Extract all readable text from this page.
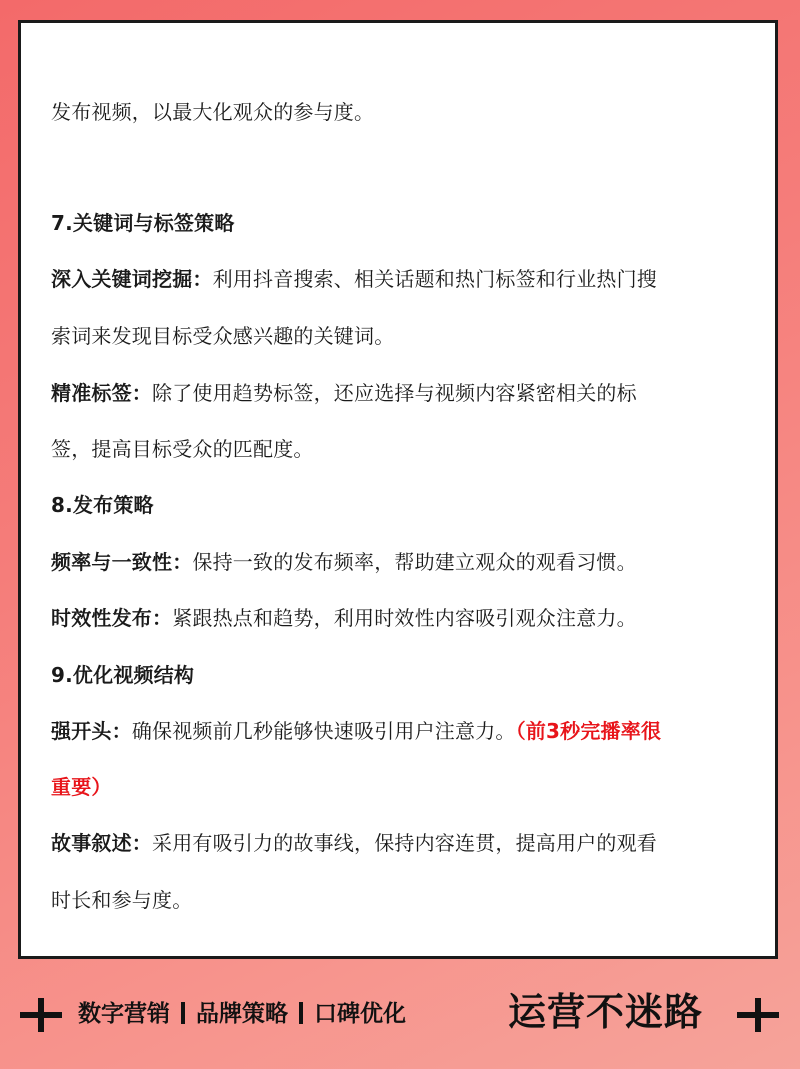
发布视频，以最大化观众的参与度。
7.关键词与标签策略
深入关键词挖掘：利用抖音搜索、相关话题和热门标签和行业热门搜
索词来发现目标受众感兴趣的关键词。
精准标签：除了使用趋势标签，还应选择与视频内容紧密相关的标
签，提高目标受众的匹配度。
8.发布策略
频率与一致性：保持一致的发布频率，帮助建立观众的观看习惯。
时效性发布：紧跟热点和趋势，利用时效性内容吸引观众注意力。
9.优化视频结构
强开头：确保视频前几秒能够快速吸引用户注意力。（前3秒完播率很
重要）
故事叙述：采用有吸引力的故事线，保持内容连贯，提高用户的观看
时长和参与度。
数字营销 品牌策略 口碑优化	运营不迷路
